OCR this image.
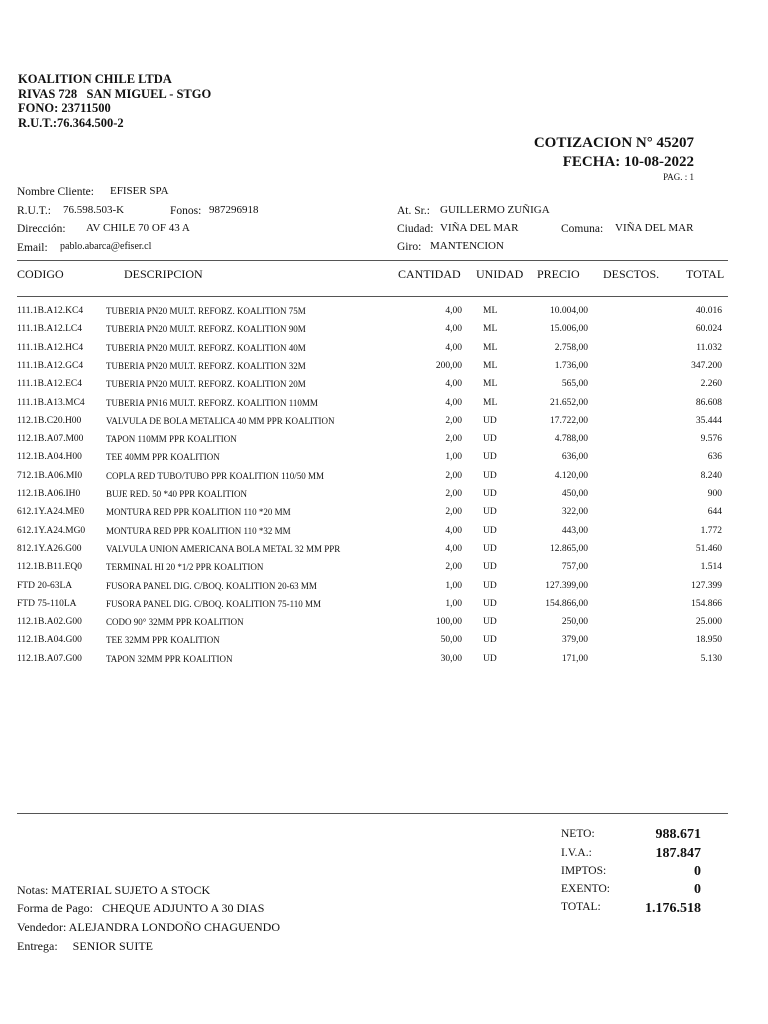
KOALITION CHILE LTDA
RIVAS 728   SAN MIGUEL - STGO
FONO: 23711500
R.U.T.:76.364.500-2
COTIZACION N° 45207
FECHA: 10-08-2022
PAG. : 1
Nombre Cliente: EFISER SPA
R.U.T.: 76.598.503-K	Fonos: 987296918
Dirección: AV CHILE 70 OF 43 A
Email: pablo.abarca@efiser.cl
At. Sr.: GUILLERMO ZUÑIGA
Ciudad: VIÑA DEL MAR	Comuna: VIÑA DEL MAR
Giro: MANTENCION
CODIGO	DESCRIPCION	CANTIDAD UNIDAD PRECIO DESCTOS. TOTAL
111.1B.A12.KC4	TUBERIA PN20 MULT. REFORZ. KOALITION 75M	4,00 ML	10.004,00	40.016
111.1B.A12.LC4	TUBERIA PN20 MULT. REFORZ. KOALITION 90M	4,00 ML	15.006,00	60.024
111.1B.A12.HC4	TUBERIA PN20 MULT. REFORZ. KOALITION 40M	4,00 ML	2.758,00	11.032
111.1B.A12.GC4	TUBERIA PN20 MULT. REFORZ. KOALITION 32M	200,00 ML	1.736,00	347.200
111.1B.A12.EC4	TUBERIA PN20 MULT. REFORZ. KOALITION 20M	4,00 ML	565,00	2.260
111.1B.A13.MC4 TUBERIA PN16 MULT. REFORZ. KOALITION 110MM	4,00 ML	21.652,00	86.608
112.1B.C20.H00	VALVULA DE BOLA METALICA 40 MM PPR KOALITION	2,00 UD	17.722,00	35.444
112.1B.A07.M00	TAPON 110MM PPR KOALITION	2,00 UD	4.788,00	9.576
112.1B.A04.H00	TEE 40MM PPR KOALITION	1,00 UD	636,00	636
712.1B.A06.MI0	COPLA RED TUBO/TUBO PPR KOALITION 110/50 MM	2,00 UD	4.120,00	8.240
112.1B.A06.IH0	BUJE RED. 50 *40 PPR KOALITION	2,00 UD	450,00	900
612.1Y.A24.ME0 MONTURA RED PPR KOALITION 110 *20 MM	2,00 UD	322,00	644
612.1Y.A24.MG0 MONTURA RED PPR KOALITION 110 *32 MM	4,00 UD	443,00	1.772
812.1Y.A26.G00	VALVULA UNION AMERICANA BOLA METAL 32 MM PPR	4,00 UD	12.865,00	51.460
112.1B.B11.EQ0	TERMINAL HI 20 *1/2 PPR KOALITION	2,00 UD	757,00	1.514
FTD 20-63LA	FUSORA PANEL DIG. C/BOQ. KOALITION 20-63 MM	1,00 UD	127.399,00	127.399
FTD 75-110LA	FUSORA PANEL DIG. C/BOQ. KOALITION 75-110 MM	1,00 UD	154.866,00	154.866
112.1B.A02.G00	CODO 90° 32MM PPR KOALITION	100,00 UD	250,00	25.000
112.1B.A04.G00	TEE 32MM PPR KOALITION	50,00 UD	379,00	18.950
112.1B.A07.G00	TAPON 32MM PPR KOALITION	30,00 UD	171,00	5.130
NETO:	988.671
I.V.A.:	187.847
IMPTOS:	0
EXENTO:	0
TOTAL:	1.176.518
Notas: MATERIAL SUJETO A STOCK
Forma de Pago: CHEQUE ADJUNTO A 30 DIAS
Vendedor: ALEJANDRA LONDOÑO CHAGUENDO
Entrega: SENIOR SUITE
